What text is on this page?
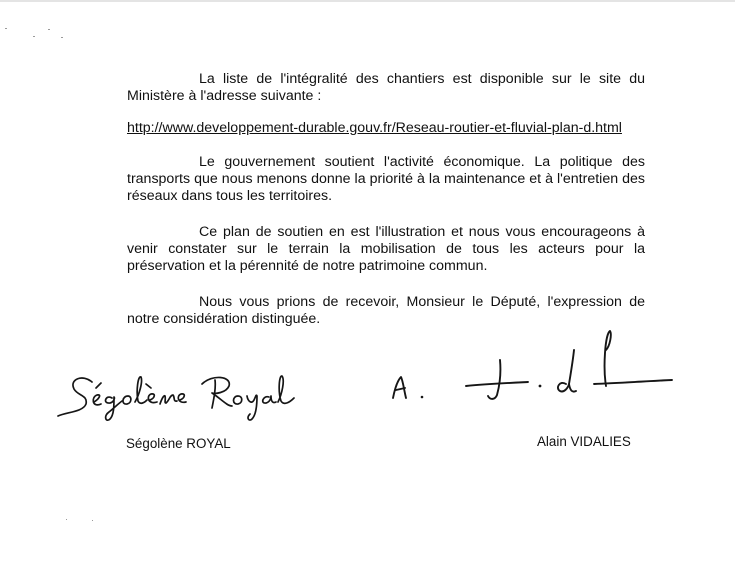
La liste de l'intégralité des chantiers est disponible sur le site du Ministère à l'adresse suivante :

http://www.developpement-durable.gouv.fr/Reseau-routier-et-fluvial-plan-d.html

Le gouvernement soutient l'activité économique. La politique des transports que nous menons donne la priorité à la maintenance et à l'entretien des réseaux dans tous les territoires.

Ce plan de soutien en est l'illustration et nous vous encourageons à venir constater sur le terrain la mobilisation de tous les acteurs pour la préservation et la pérennité de notre patrimoine commun.

Nous vous prions de recevoir, Monsieur le Député, l'expression de notre considération distinguée.

Ségolène ROYAL	Alain VIDALIES
